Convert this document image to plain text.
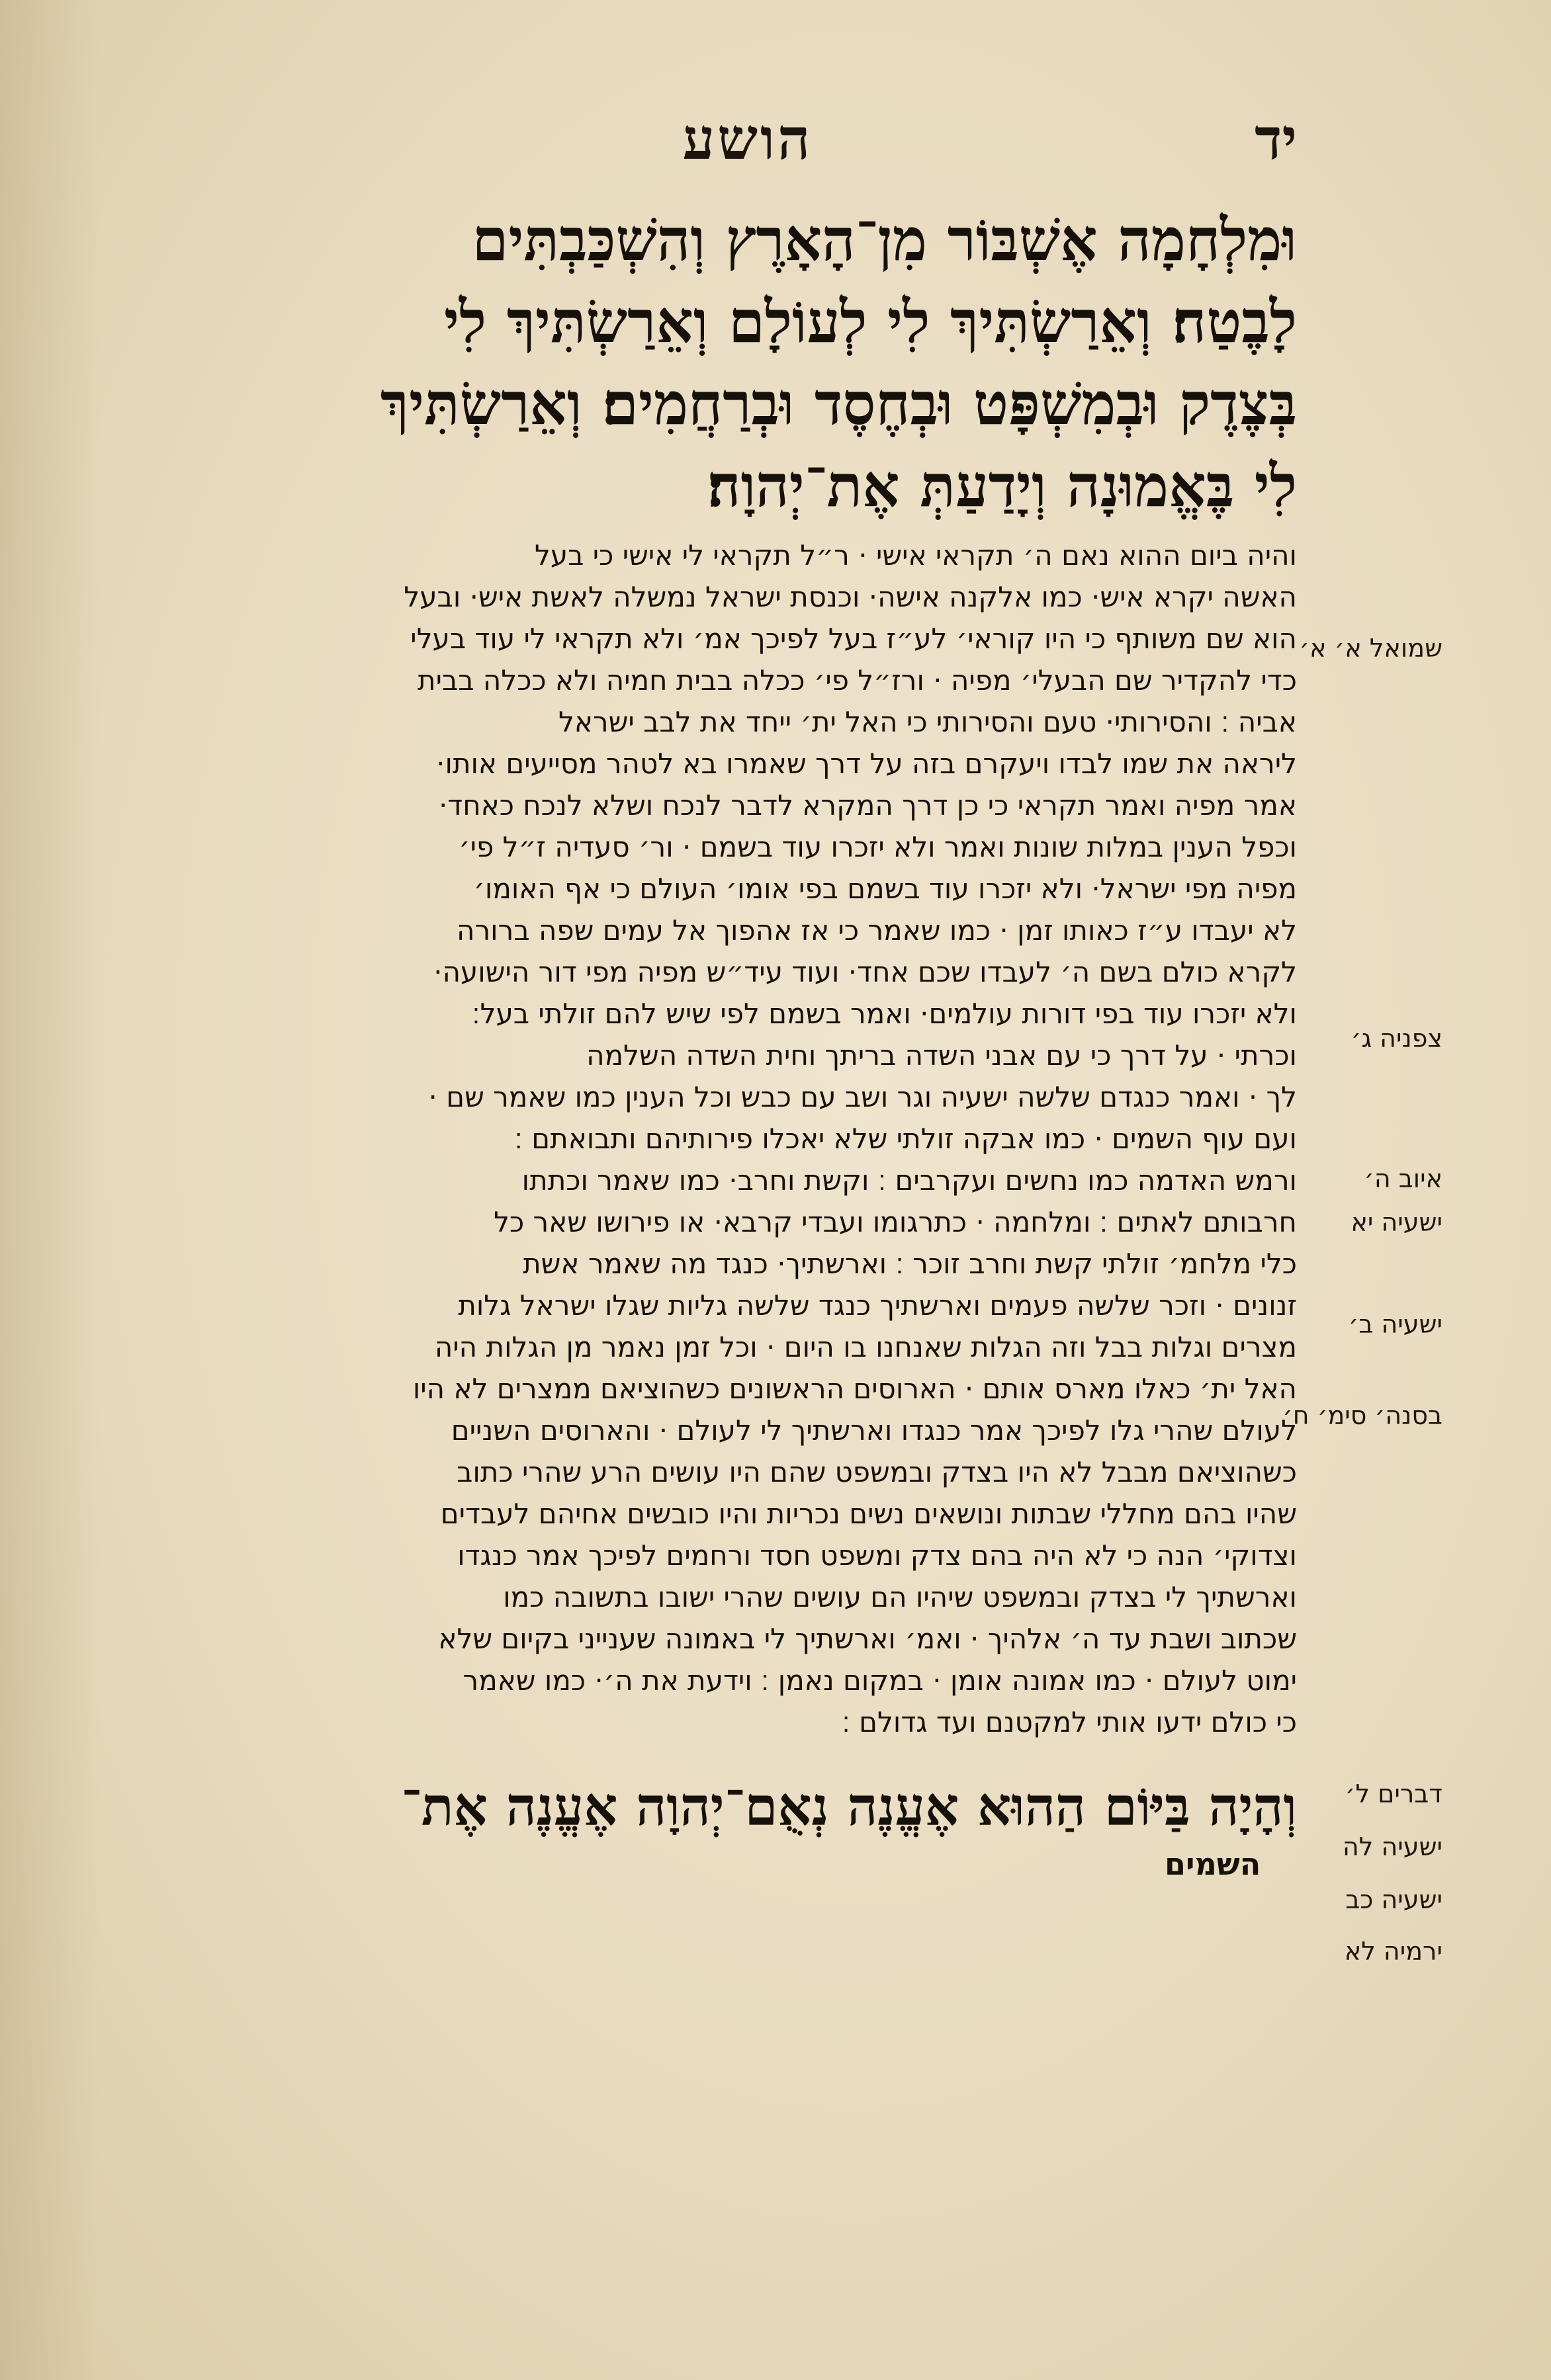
יד
הושע
וּמִלְחָמָה אֶשְׁבּוֹר מִן־הָאָרֶץ וְהִשְׁכַּבְתִּים
לָבֶטַח׃ וְאֵרַשְׂתִּיךְ לִי לְעוֹלָם וְאֵרַשְׂתִּיךְ לִי
בְּצֶדֶק וּבְמִשְׁפָּט וּבְחֶסֶד וּבְרַחֲמִים׃ וְאֵרַשְׂתִּיךְ
לִי בֶּאֱמוּנָה וְיָדַעַתְּ אֶת־יְהוָה׃
והיה ביום ההוא נאם ה׳ תקראי אישי · ר״ל תקראי לי אישי כי בעל
האשה יקרא איש· כמו אלקנה אישה· וכנסת ישראל נמשלה לאשת איש· ובעל
הוא שם משותף כי היו קוראי׳ לע״ז בעל לפיכך אמ׳ ולא תקראי לי עוד בעלי
כדי להקדיר שם הבעלי׳ מפיה · ורז״ל פי׳ ככלה בבית חמיה ולא ככלה בבית
אביה ׃ והסירותי· טעם והסירותי כי האל ית׳ ייחד את לבב ישראל
ליראה את שמו לבדו ויעקרם בזה על דרך שאמרו בא לטהר מסייעים אותו·
אמר מפיה ואמר תקראי כי כן דרך המקרא לדבר לנכח ושלא לנכח כאחד·
וכפל הענין במלות שונות ואמר ולא יזכרו עוד בשמם · ור׳ סעדיה ז״ל פי׳
מפיה מפי ישראל· ולא יזכרו עוד בשמם בפי אומו׳ העולם כי אף האומו׳
לא יעבדו ע״ז כאותו זמן · כמו שאמר כי אז אהפוך אל עמים שפה ברורה
לקרא כולם בשם ה׳ לעבדו שכם אחד· ועוד עיד״ש מפיה מפי דור הישועה·
ולא יזכרו עוד בפי דורות עולמים· ואמר בשמם לפי שיש להם זולתי בעל׃
וכרתי · על דרך כי עם אבני השדה בריתך וחית השדה השלמה
לך · ואמר כנגדם שלשה ישעיה וגר ושב עם כבש וכל הענין כמו שאמר שם ·
ועם עוף השמים · כמו אבקה זולתי שלא יאכלו פירותיהם ותבואתם ׃
ורמש האדמה כמו נחשים ועקרבים ׃ וקשת וחרב· כמו שאמר וכתתו
חרבותם לאתים ׃ ומלחמה · כתרגומו ועבדי קרבא· או פירושו שאר כל
כלי מלחמ׳ זולתי קשת וחרב זוכר ׃ וארשתיך· כנגד מה שאמר אשת
זנונים · וזכר שלשה פעמים וארשתיך כנגד שלשה גליות שגלו ישראל גלות
מצרים וגלות בבל וזה הגלות שאנחנו בו היום · וכל זמן נאמר מן הגלות היה
האל ית׳ כאלו מארס אותם · הארוסים הראשונים כשהוציאם ממצרים לא היו
לעולם שהרי גלו לפיכך אמר כנגדו וארשתיך לי לעולם · והארוסים השניים
כשהוציאם מבבל לא היו בצדק ובמשפט שהם היו עושים הרע שהרי כתוב
שהיו בהם מחללי שבתות ונושאים נשים נכריות והיו כובשים אחיהם לעבדים
וצדוקי׳ הנה כי לא היה בהם צדק ומשפט חסד ורחמים לפיכך אמר כנגדו
וארשתיך לי בצדק ובמשפט שיהיו הם עושים שהרי ישובו בתשובה כמו
שכתוב ושבת עד ה׳ אלהיך · ואמ׳ וארשתיך לי באמונה שענייני בקיום שלא
ימוט לעולם · כמו אמונה אומן · במקום נאמן ׃ וידעת את ה׳· כמו שאמר
כי כולם ידעו אותי למקטנם ועד גדולם ׃
וְהָיָה בַּיּוֹם הַהוּא אֶעֱנֶה נְאֻם־יְהוָה אֶעֱנֶה אֶת־
השמים
שמואל א׳ א׳
צפניה ג׳
איוב ה׳
ישעיה יא
ישעיה ב׳
בסנה׳ סימ׳ ח׳
דברים ל׳
ישעיה לה
ישעיה כב
ירמיה לא
